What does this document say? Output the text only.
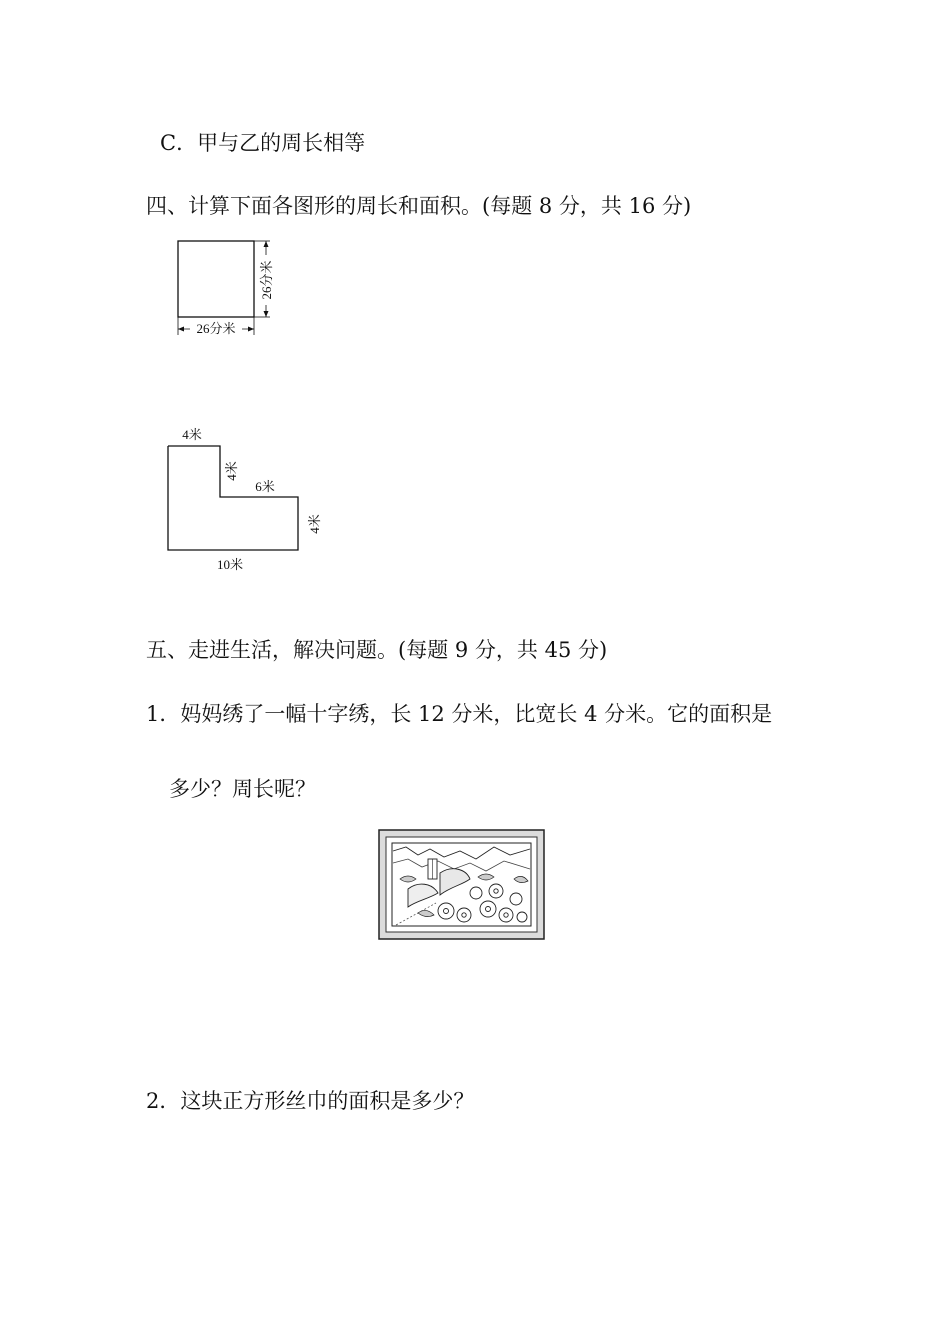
C．甲与乙的周长相等
四、计算下面各图形的周长和面积。(每题 8 分，共 16 分)
26分米
26分米
4米
4米
6米
4米
10米
五、走进生活，解决问题。(每题 9 分，共 45 分)
1．妈妈绣了一幅十字绣，长 12 分米，比宽长 4 分米。它的面积是
多少？周长呢？
2．这块正方形丝巾的面积是多少？
